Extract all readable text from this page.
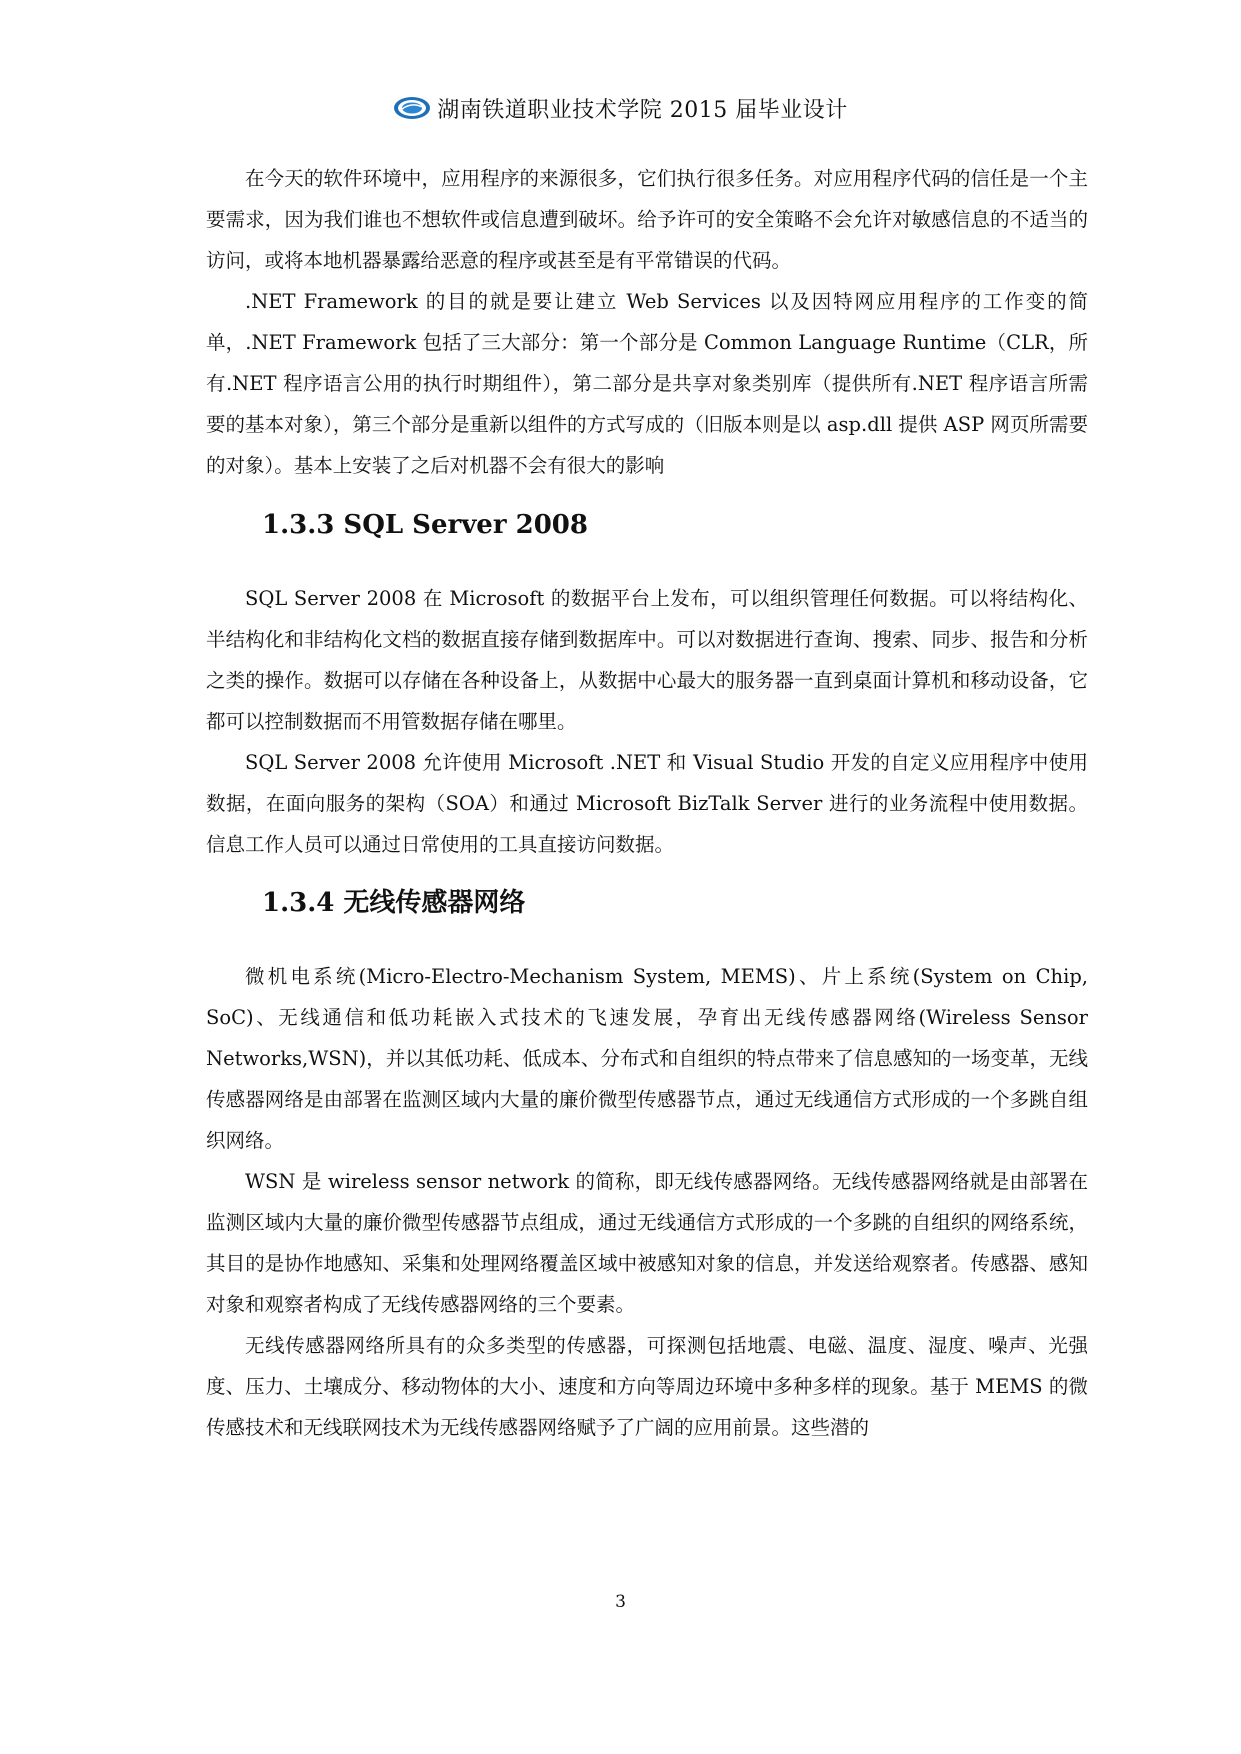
湖南铁道职业技术学院 2015 届毕业设计

在今天的软件环境中，应用程序的来源很多，它们执行很多任务。对应用程序代码的信任是一个主要需求，因为我们谁也不想软件或信息遭到破坏。给予许可的安全策略不会允许对敏感信息的不适当的访问，或将本地机器暴露给恶意的程序或甚至是有平常错误的代码。

.NET Framework 的目的就是要让建立 Web Services 以及因特网应用程序的工作变的简单，.NET Framework 包括了三大部分：第一个部分是 Common Language Runtime（CLR，所有.NET 程序语言公用的执行时期组件），第二部分是共享对象类别库（提供所有.NET 程序语言所需要的基本对象），第三个部分是重新以组件的方式写成的（旧版本则是以 asp.dll 提供 ASP 网页所需要的对象）。基本上安装了之后对机器不会有很大的影响

1.3.3 SQL Server 2008

SQL Server 2008 在 Microsoft 的数据平台上发布，可以组织管理任何数据。可以将结构化、半结构化和非结构化文档的数据直接存储到数据库中。可以对数据进行查询、搜索、同步、报告和分析之类的操作。数据可以存储在各种设备上，从数据中心最大的服务器一直到桌面计算机和移动设备，它都可以控制数据而不用管数据存储在哪里。

SQL Server 2008 允许使用 Microsoft .NET 和 Visual Studio 开发的自定义应用程序中使用数据，在面向服务的架构（SOA）和通过 Microsoft BizTalk Server 进行的业务流程中使用数据。信息工作人员可以通过日常使用的工具直接访问数据。

1.3.4 无线传感器网络

微机电系统(Micro-Electro-Mechanism System, MEMS)、片上系统(System on Chip, SoC)、无线通信和低功耗嵌入式技术的飞速发展，孕育出无线传感器网络(Wireless Sensor Networks,WSN)，并以其低功耗、低成本、分布式和自组织的特点带来了信息感知的一场变革，无线传感器网络是由部署在监测区域内大量的廉价微型传感器节点，通过无线通信方式形成的一个多跳自组织网络。

WSN 是 wireless sensor network 的简称，即无线传感器网络。无线传感器网络就是由部署在监测区域内大量的廉价微型传感器节点组成，通过无线通信方式形成的一个多跳的自组织的网络系统，其目的是协作地感知、采集和处理网络覆盖区域中被感知对象的信息，并发送给观察者。传感器、感知对象和观察者构成了无线传感器网络的三个要素。

无线传感器网络所具有的众多类型的传感器，可探测包括地震、电磁、温度、湿度、噪声、光强度、压力、土壤成分、移动物体的大小、速度和方向等周边环境中多种多样的现象。基于 MEMS 的微传感技术和无线联网技术为无线传感器网络赋予了广阔的应用前景。这些潜的

3
